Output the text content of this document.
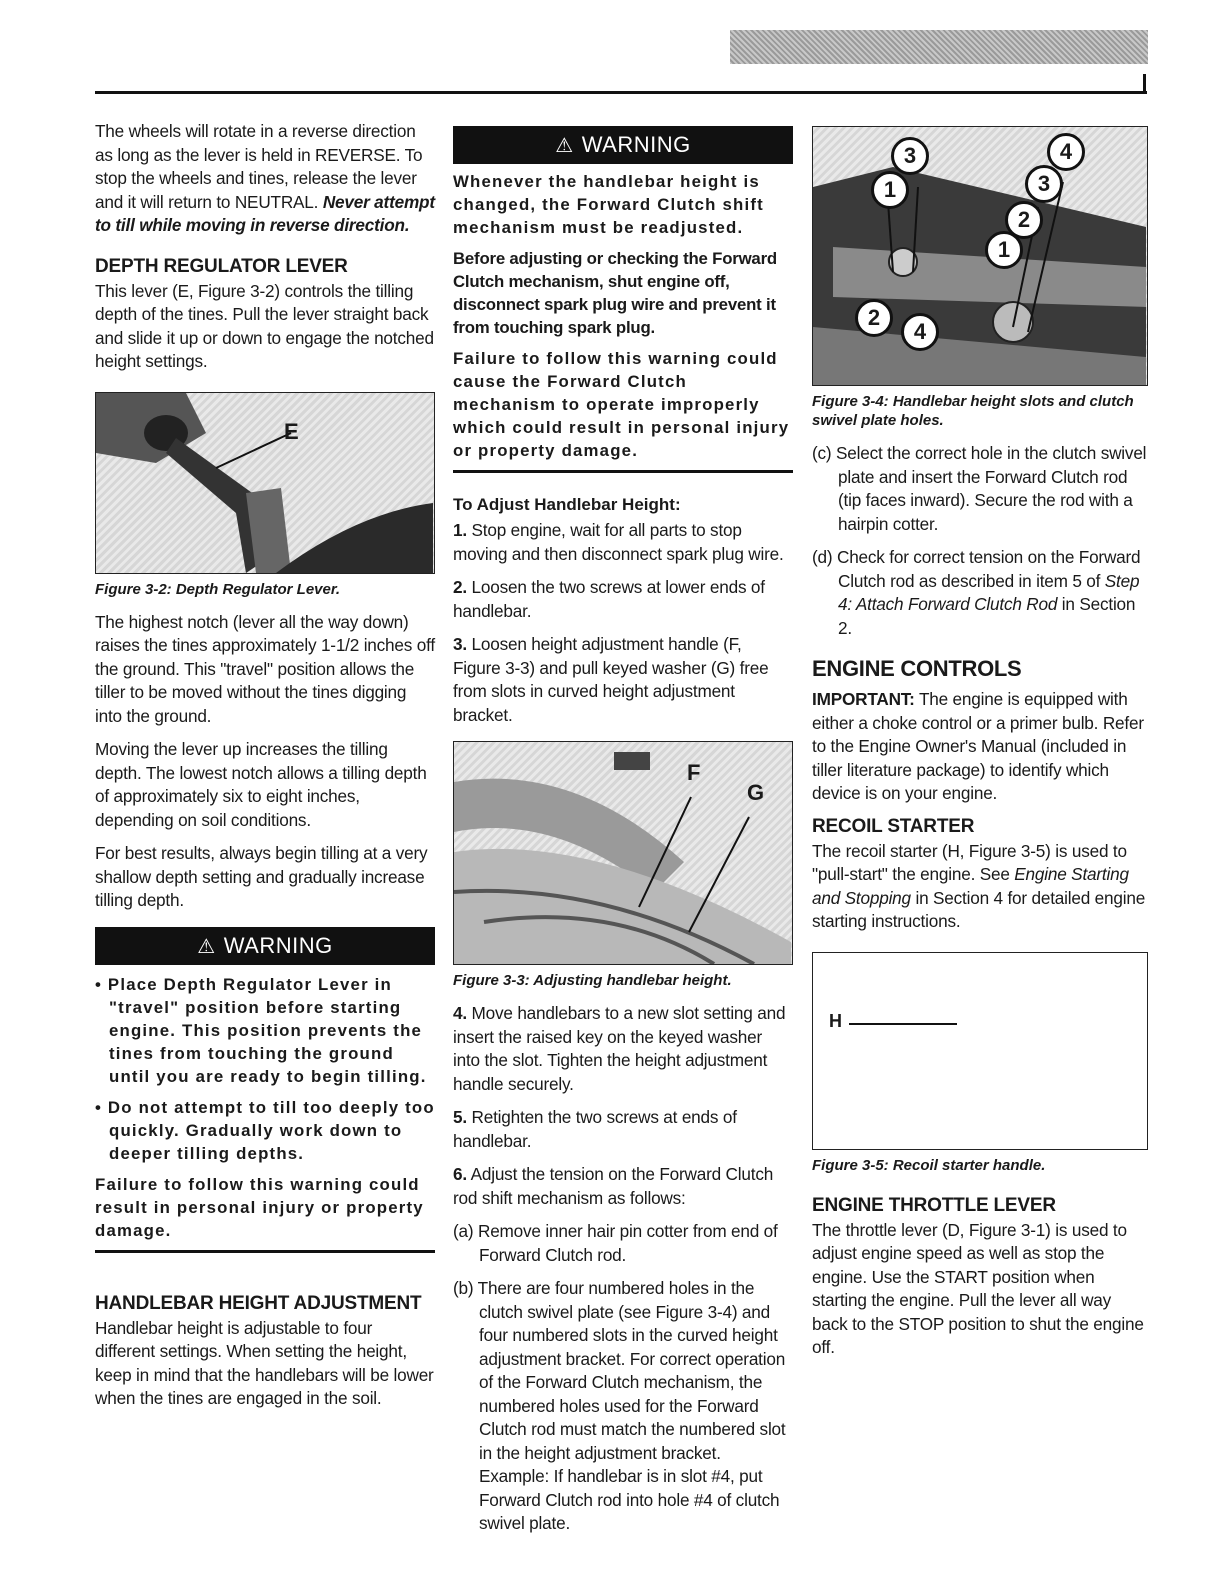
The wheels will rotate in a reverse direction as long as the lever is held in REVERSE. To stop the wheels and tines, release the lever and it will return to NEUTRAL. Never attempt to till while moving in reverse direction.

DEPTH REGULATOR LEVER

This lever (E, Figure 3-2) controls the tilling depth of the tines. Pull the lever straight back and slide it up or down to engage the notched height settings.

E
Figure 3-2: Depth Regulator Lever.

The highest notch (lever all the way down) raises the tines approximately 1-1/2 inches off the ground. This "travel" position allows the tiller to be moved without the tines digging into the ground.

Moving the lever up increases the tilling depth. The lowest notch allows a tilling depth of approximately six to eight inches, depending on soil conditions.

For best results, always begin tilling at a very shallow depth setting and gradually increase tilling depth.

⚠ WARNING

• Place Depth Regulator Lever in "travel" position before starting engine. This position prevents the tines from touching the ground until you are ready to begin tilling.

• Do not attempt to till too deeply too quickly. Gradually work down to deeper tilling depths.

Failure to follow this warning could result in personal injury or property damage.

HANDLEBAR HEIGHT ADJUSTMENT

Handlebar height is adjustable to four different settings. When setting the height, keep in mind that the handlebars will be lower when the tines are engaged in the soil.

⚠ WARNING

Whenever the handlebar height is changed, the Forward Clutch shift mechanism must be readjusted.

Before adjusting or checking the Forward Clutch mechanism, shut engine off, disconnect spark plug wire and prevent it from touching spark plug.

Failure to follow this warning could cause the Forward Clutch mechanism to operate improperly which could result in personal injury or property damage.

To Adjust Handlebar Height:

1. Stop engine, wait for all parts to stop moving and then disconnect spark plug wire.

2. Loosen the two screws at lower ends of handlebar.

3. Loosen height adjustment handle (F, Figure 3-3) and pull keyed washer (G) free from slots in curved height adjustment bracket.

F
G
Figure 3-3: Adjusting handlebar height.

4. Move handlebars to a new slot setting and insert the raised key on the keyed washer into the slot. Tighten the height adjustment handle securely.

5. Retighten the two screws at ends of handlebar.

6. Adjust the tension on the Forward Clutch rod shift mechanism as follows:

(a) Remove inner hair pin cotter from end of Forward Clutch rod.

(b) There are four numbered holes in the clutch swivel plate (see Figure 3-4) and four numbered slots in the curved height adjustment bracket. For correct operation of the Forward Clutch mechanism, the numbered holes used for the Forward Clutch rod must match the numbered slot in the height adjustment bracket. Example: If handlebar is in slot #4, put Forward Clutch rod into hole #4 of clutch swivel plate.

3	4
1	3
2
1
2
4
Figure 3-4: Handlebar height slots and clutch swivel plate holes.

(c) Select the correct hole in the clutch swivel plate and insert the Forward Clutch rod (tip faces inward). Secure the rod with a hairpin cotter.

(d) Check for correct tension on the Forward Clutch rod as described in item 5 of Step 4: Attach Forward Clutch Rod in Section 2.

ENGINE CONTROLS

IMPORTANT: The engine is equipped with either a choke control or a primer bulb. Refer to the Engine Owner's Manual (included in tiller literature package) to identify which device is on your engine.

RECOIL STARTER

The recoil starter (H, Figure 3-5) is used to "pull-start" the engine. See Engine Starting and Stopping in Section 4 for detailed engine starting instructions.

H
Figure 3-5: Recoil starter handle.
ENGINE THROTTLE LEVER

The throttle lever (D, Figure 3-1) is used to adjust engine speed as well as stop the engine. Use the START position when starting the engine. Pull the lever all way back to the STOP position to shut the engine off.
